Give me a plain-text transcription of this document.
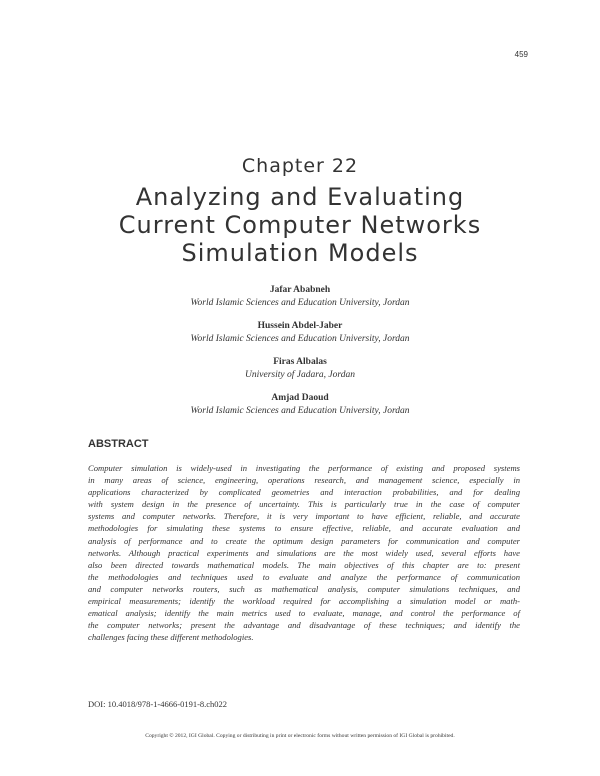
459
Chapter 22
Analyzing and Evaluating
Current Computer Networks
Simulation Models
Jafar Ababneh
World Islamic Sciences and Education University, Jordan
Hussein Abdel-Jaber
World Islamic Sciences and Education University, Jordan
Firas Albalas
University of Jadara, Jordan
Amjad Daoud
World Islamic Sciences and Education University, Jordan
ABSTRACT
Computer simulation is widely-used in investigating the performance of existing and proposed systems
in many areas of science, engineering, operations research, and management science, especially in
applications characterized by complicated geometries and interaction probabilities, and for dealing
with system design in the presence of uncertainty. This is particularly true in the case of computer
systems and computer networks. Therefore, it is very important to have efficient, reliable, and accurate
methodologies for simulating these systems to ensure effective, reliable, and accurate evaluation and
analysis of performance and to create the optimum design parameters for communication and computer
networks. Although practical experiments and simulations are the most widely used, several efforts have
also been directed towards mathematical models. The main objectives of this chapter are to: present
the methodologies and techniques used to evaluate and analyze the performance of communication
and computer networks routers, such as mathematical analysis, computer simulations techniques, and
empirical measurements; identify the workload required for accomplishing a simulation model or math-
ematical analysis; identify the main metrics used to evaluate, manage, and control the performance of
the computer networks; present the advantage and disadvantage of these techniques; and identify the
challenges facing these different methodologies.
DOI: 10.4018/978-1-4666-0191-8.ch022
Copyright © 2012, IGI Global. Copying or distributing in print or electronic forms without written permission of IGI Global is prohibited.
